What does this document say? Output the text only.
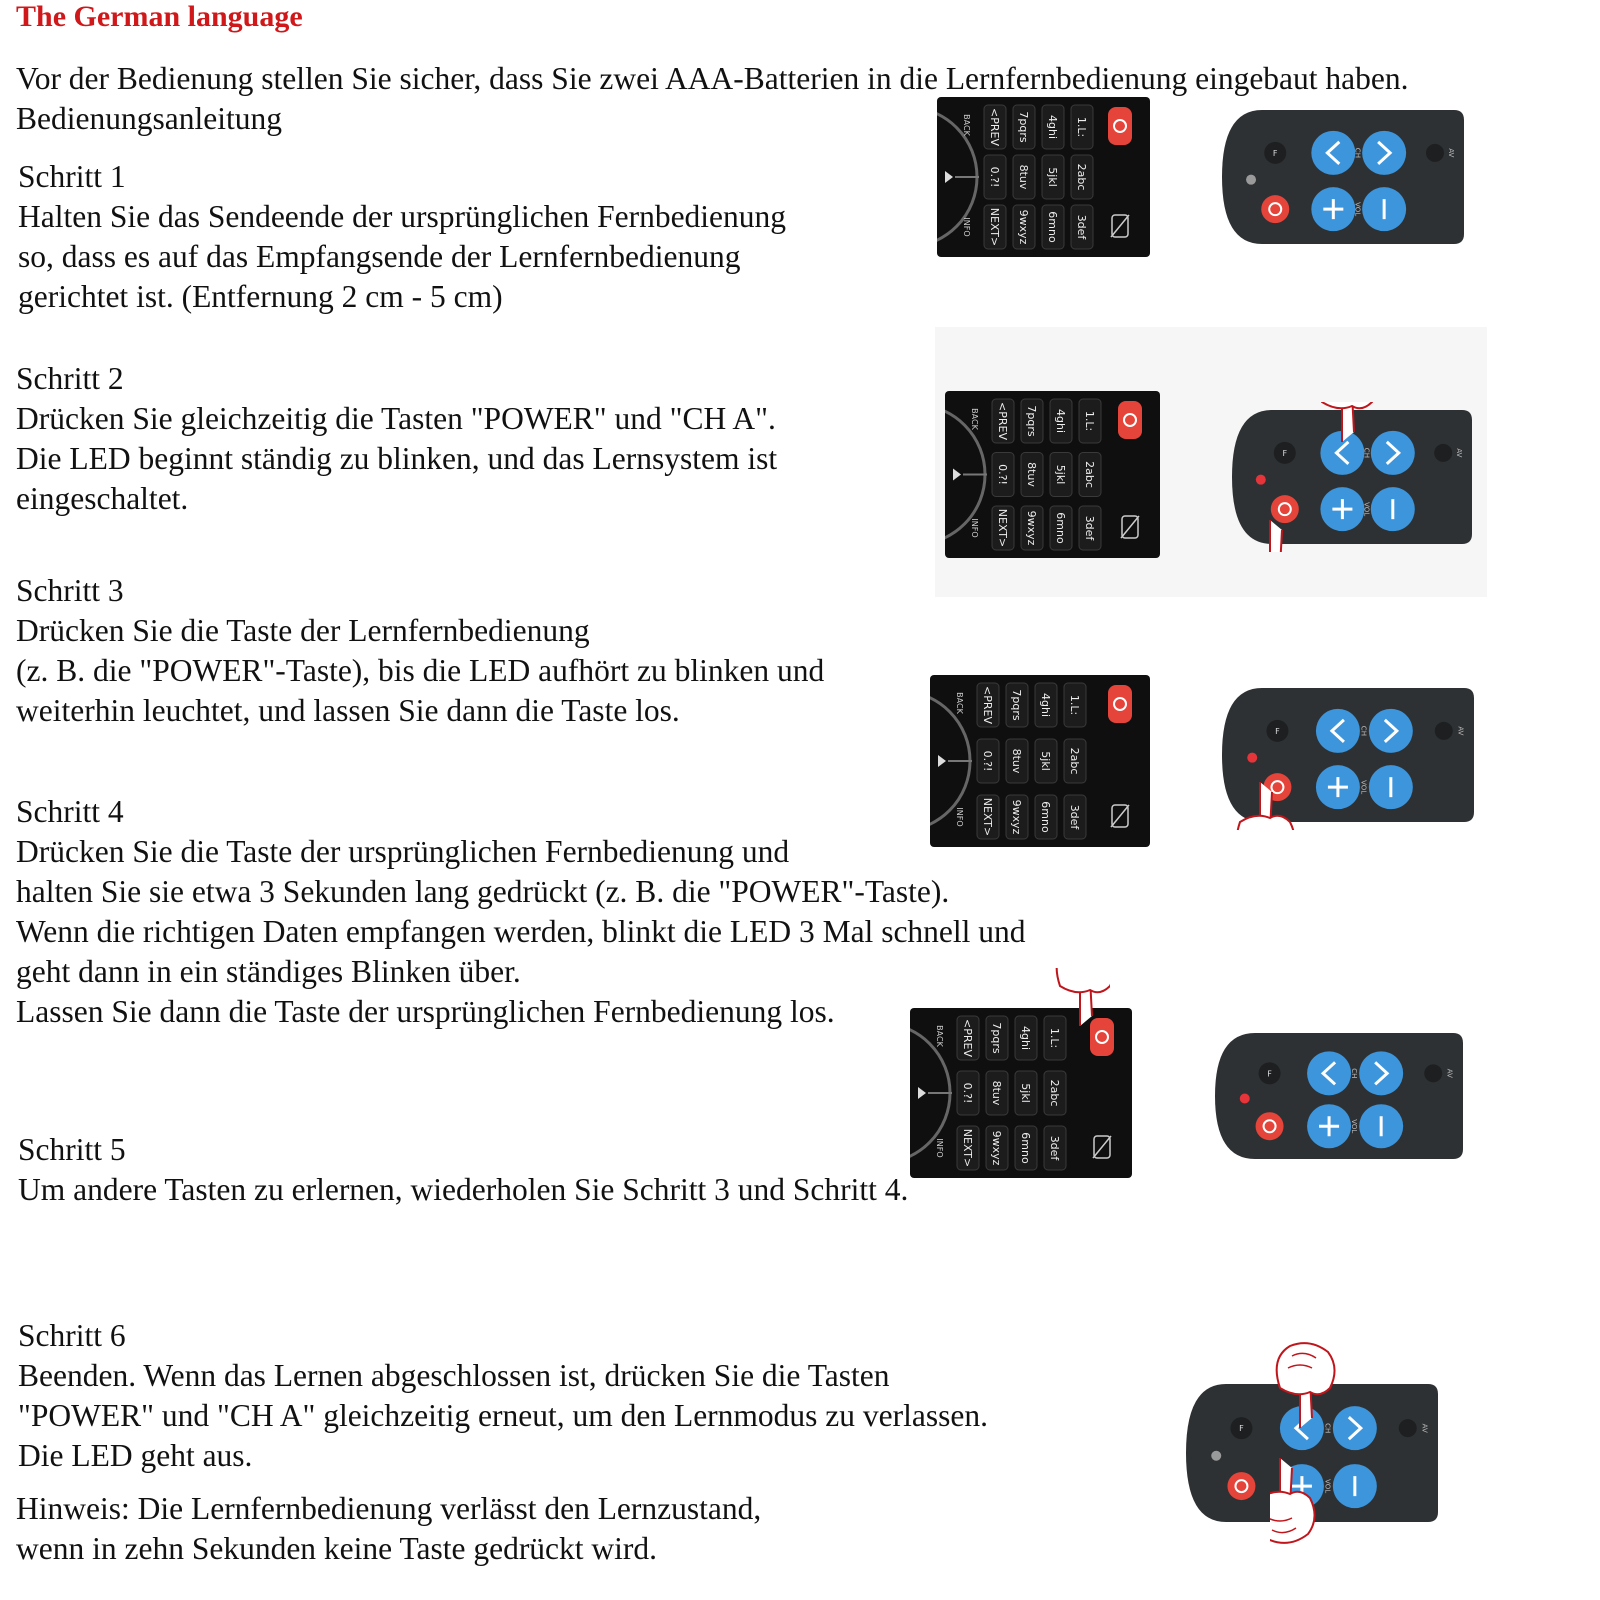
The German language
Vor der Bedienung stellen Sie sicher, dass Sie zwei AAA-Batterien in die Lernfernbedienung eingebaut haben.
Bedienungsanleitung
Schritt 1
Halten Sie das Sendeende der ursprünglichen Fernbedienung
so, dass es auf das Empfangsende der Lernfernbedienung
gerichtet ist. (Entfernung 2 cm - 5 cm)
Schritt 2
Drücken Sie gleichzeitig die Tasten "POWER" und "CH A".
Die LED beginnt ständig zu blinken, und das Lernsystem ist
eingeschaltet.
Schritt 3
Drücken Sie die Taste der Lernfernbedienung
(z. B. die "POWER"-Taste), bis die LED aufhört zu blinken und
weiterhin leuchtet, und lassen Sie dann die Taste los.
Schritt 4
Drücken Sie die Taste der ursprünglichen Fernbedienung und
halten Sie sie etwa 3 Sekunden lang gedrückt (z. B. die "POWER"-Taste).
Wenn die richtigen Daten empfangen werden, blinkt die LED 3 Mal schnell und
geht dann in ein ständiges Blinken über.
Lassen Sie dann die Taste der ursprünglichen Fernbedienung los.
Schritt 5
Um andere Tasten zu erlernen, wiederholen Sie Schritt 3 und Schritt 4.
Schritt 6
Beenden. Wenn das Lernen abgeschlossen ist, drücken Sie die Tasten
"POWER" und "CH A" gleichzeitig erneut, um den Lernmodus zu verlassen.
Die LED geht aus.
Hinweis: Die Lernfernbedienung verlässt den Lernzustand,
wenn in zehn Sekunden keine Taste gedrückt wird.
BACK
INFO
<PREV
0.?!
NEXT>
7pqrs
8tuv
9wxyz
4ghi
5jkl
6mno
1.L:
2abc
3def
F	CH
VOL
AV
BACK
INFO
<PREV
0.?!
NEXT>
7pqrs
8tuv
9wxyz
4ghi
5jkl
6mno
1.L:
2abc
3def
F	CH
VOL
AV
BACK
INFO
<PREV
0.?!
NEXT>
7pqrs
8tuv
9wxyz
4ghi
5jkl
6mno
1.L:
2abc
3def
F	CH
VOL
AV
BACK
INFO
<PREV
0.?!
NEXT>
7pqrs
8tuv
9wxyz
4ghi
5jkl
6mno
1.L:
2abc
3def
F	CH
VOL
AV
F	CH
VOL
AV
